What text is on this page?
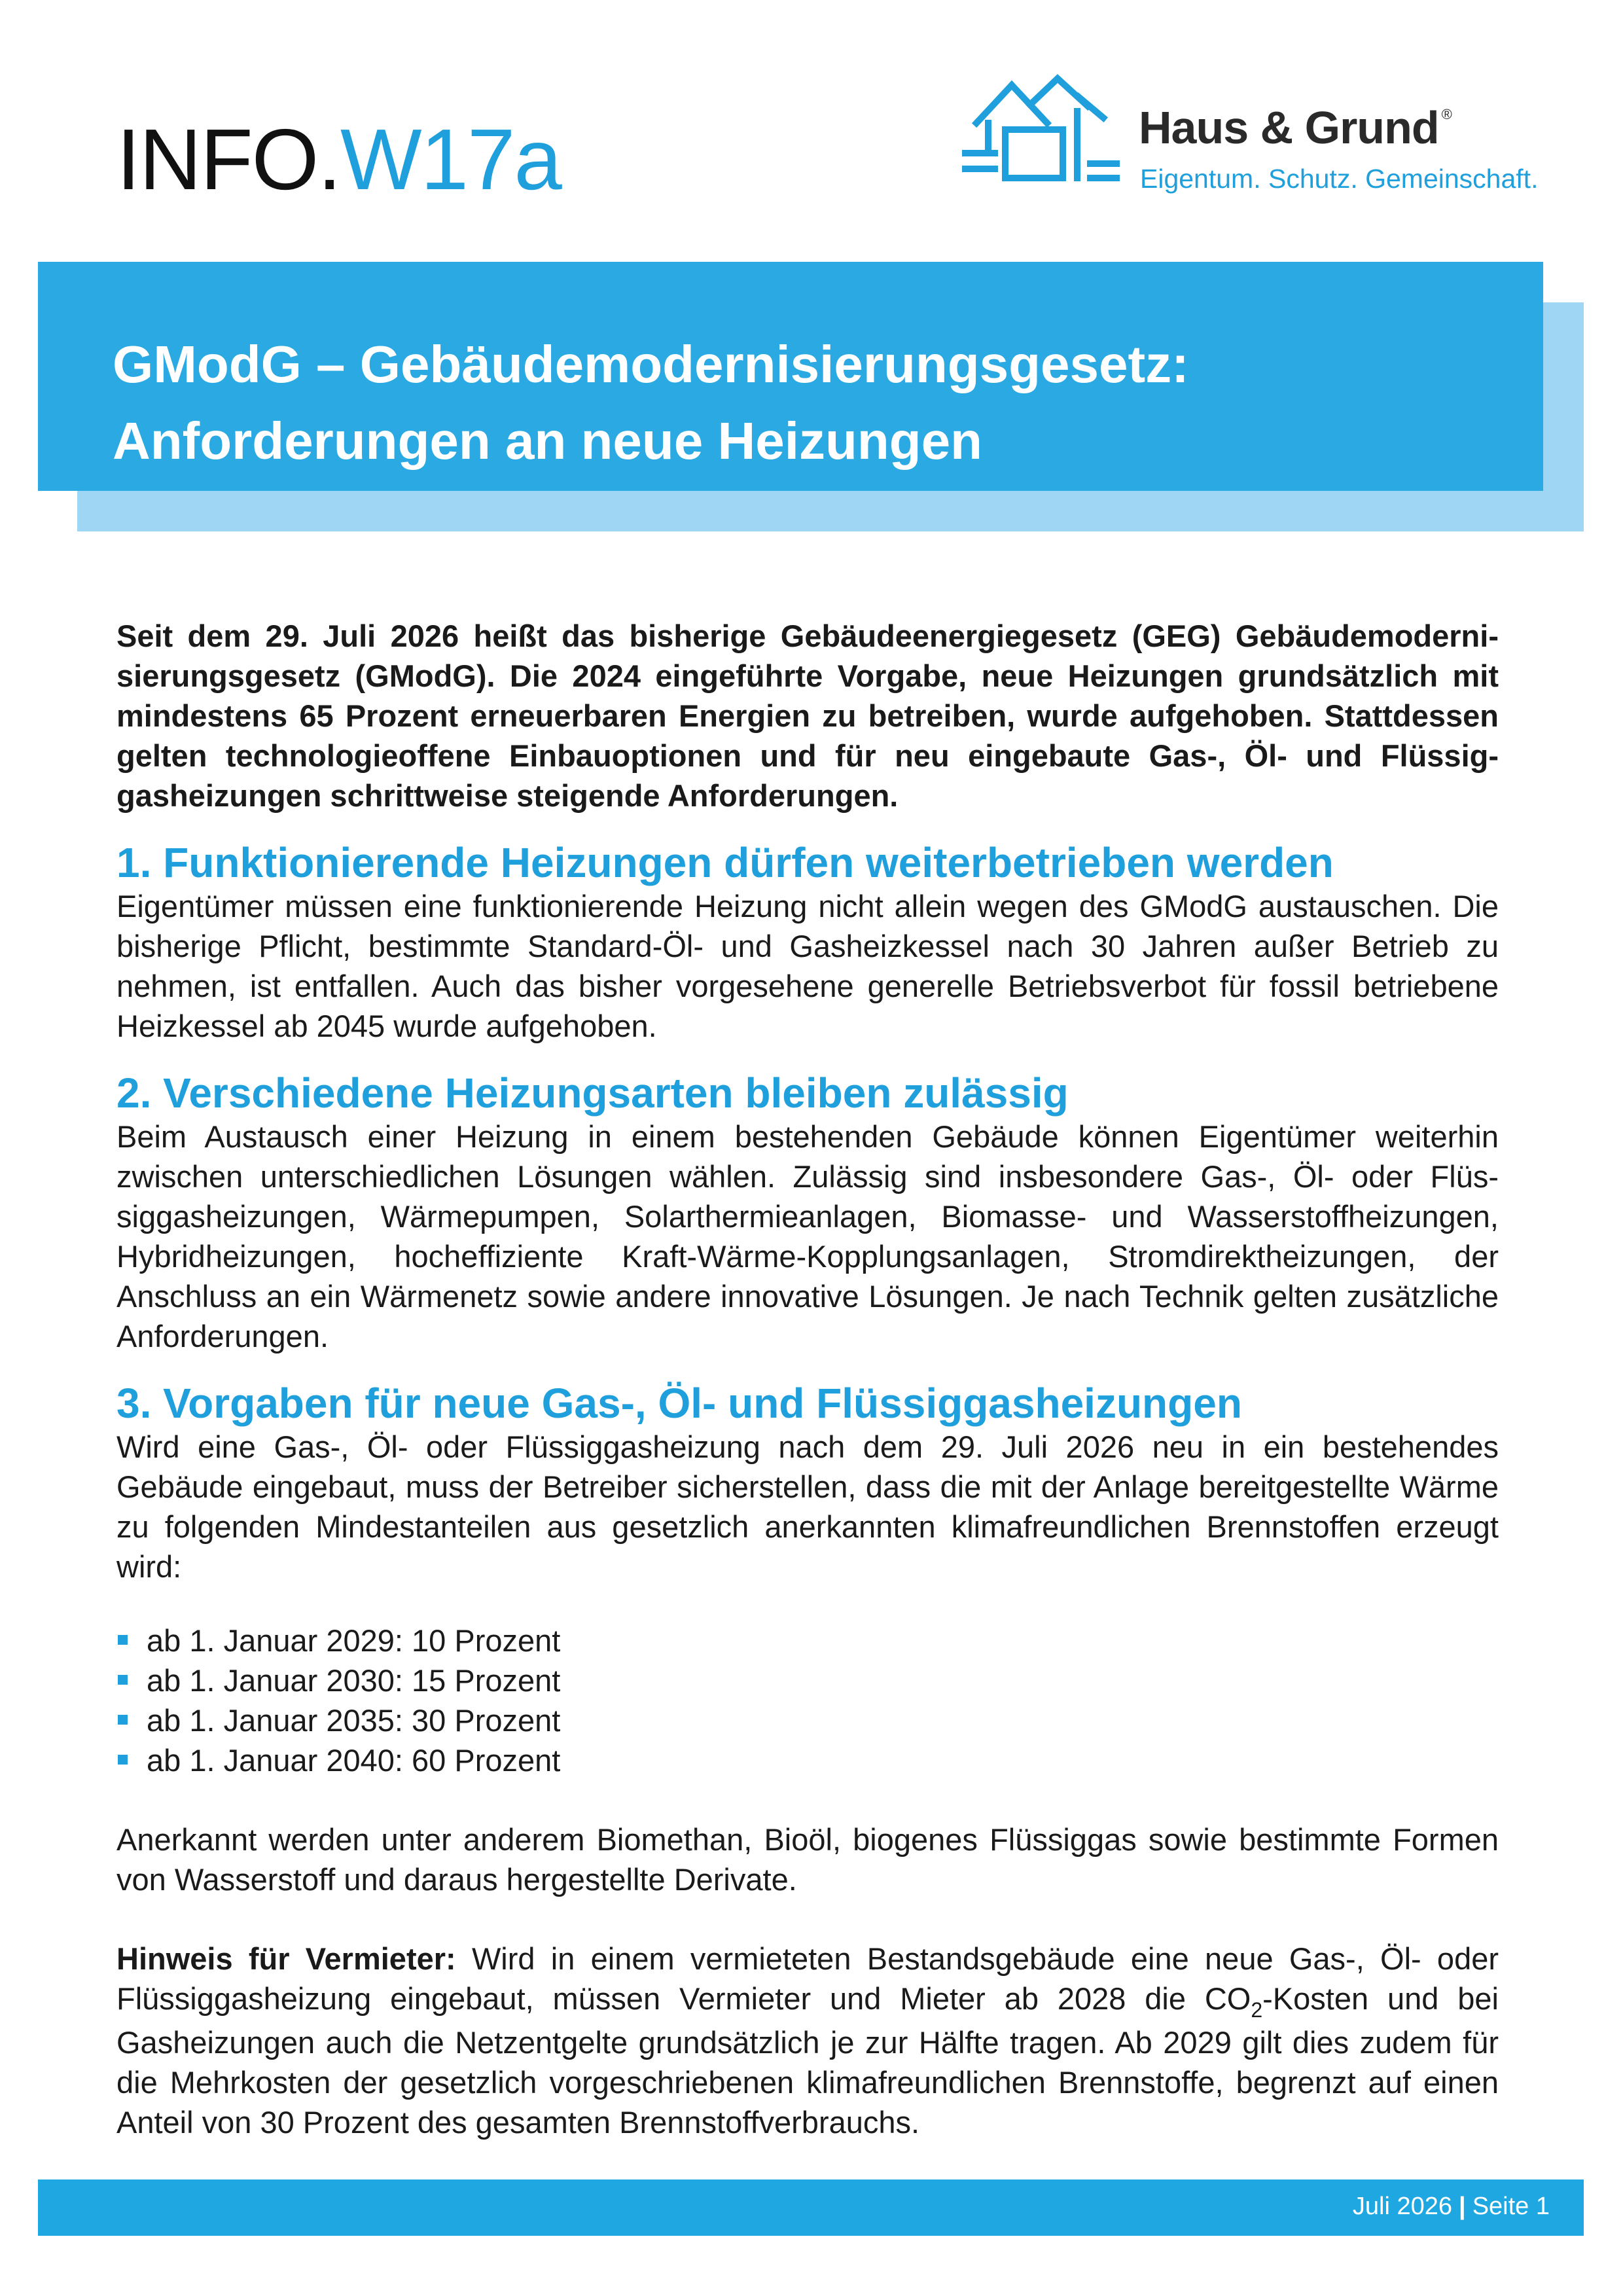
INFO.W17a	Haus & Grund ®
Eigentum. Schutz. Gemeinschaft.
GModG – Gebäudemodernisierungsgesetz:
Anforderungen an neue Heizungen

Seit dem 29. Juli 2026 heißt das bisherige Gebäudeenergiegesetz (GEG) Gebäudemodernisierungsgesetz (GModG). Die 2024 eingeführte Vorgabe, neue Heizungen grundsätzlich mit mindestens 65 Prozent erneuerbaren Energien zu betreiben, wurde aufgehoben. Stattdessen gelten technologieoffene Einbauoptionen und für neu eingebaute Gas-, Öl- und Flüssiggasheizungen schrittweise steigende Anforderungen.

1. Funktionierende Heizungen dürfen weiterbetrieben werden

Eigentümer müssen eine funktionierende Heizung nicht allein wegen des GModG austauschen. Die bisherige Pflicht, bestimmte Standard-Öl- und Gasheizkessel nach 30 Jahren außer Betrieb zu nehmen, ist entfallen. Auch das bisher vorgesehene generelle Betriebsverbot für fossil betriebene Heizkessel ab 2045 wurde aufgehoben.

2. Verschiedene Heizungsarten bleiben zulässig

Beim Austausch einer Heizung in einem bestehenden Gebäude können Eigentümer weiterhin zwischen unterschiedlichen Lösungen wählen. Zulässig sind insbesondere Gas-, Öl- oder Flüssiggasheizungen, Wärmepumpen, Solarthermieanlagen, Biomasse- und Wasserstoffheizungen, Hybridheizungen, hocheffiziente Kraft-Wärme-Kopplungsanlagen, Stromdirektheizungen, der Anschluss an ein Wärmenetz sowie andere innovative Lösungen. Je nach Technik gelten zusätzliche Anforderungen.

3. Vorgaben für neue Gas-, Öl- und Flüssiggasheizungen

Wird eine Gas-, Öl- oder Flüssiggasheizung nach dem 29. Juli 2026 neu in ein bestehendes Gebäude eingebaut, muss der Betreiber sicherstellen, dass die mit der Anlage bereitgestellte Wärme zu folgenden Mindestanteilen aus gesetzlich anerkannten klimafreundlichen Brennstoffen erzeugt wird:

ab 1. Januar 2029: 10 Prozent
ab 1. Januar 2030: 15 Prozent
ab 1. Januar 2035: 30 Prozent
ab 1. Januar 2040: 60 Prozent

Anerkannt werden unter anderem Biomethan, Bioöl, biogenes Flüssiggas sowie bestimmte Formen von Wasserstoff und daraus hergestellte Derivate.

Hinweis für Vermieter: Wird in einem vermieteten Bestandsgebäude eine neue Gas-, Öl- oder Flüssiggasheizung eingebaut, müssen Vermieter und Mieter ab 2028 die $CO_2$-Kosten und bei Gasheizungen auch die Netzentgelte grundsätzlich je zur Hälfte tragen. Ab 2029 gilt dies zudem für die Mehrkosten der gesetzlich vorgeschriebenen klimafreundlichen Brennstoffe, begrenzt auf einen Anteil von 30 Prozent des gesamten Brennstoffverbrauchs.

Juli 2026 | Seite 1
